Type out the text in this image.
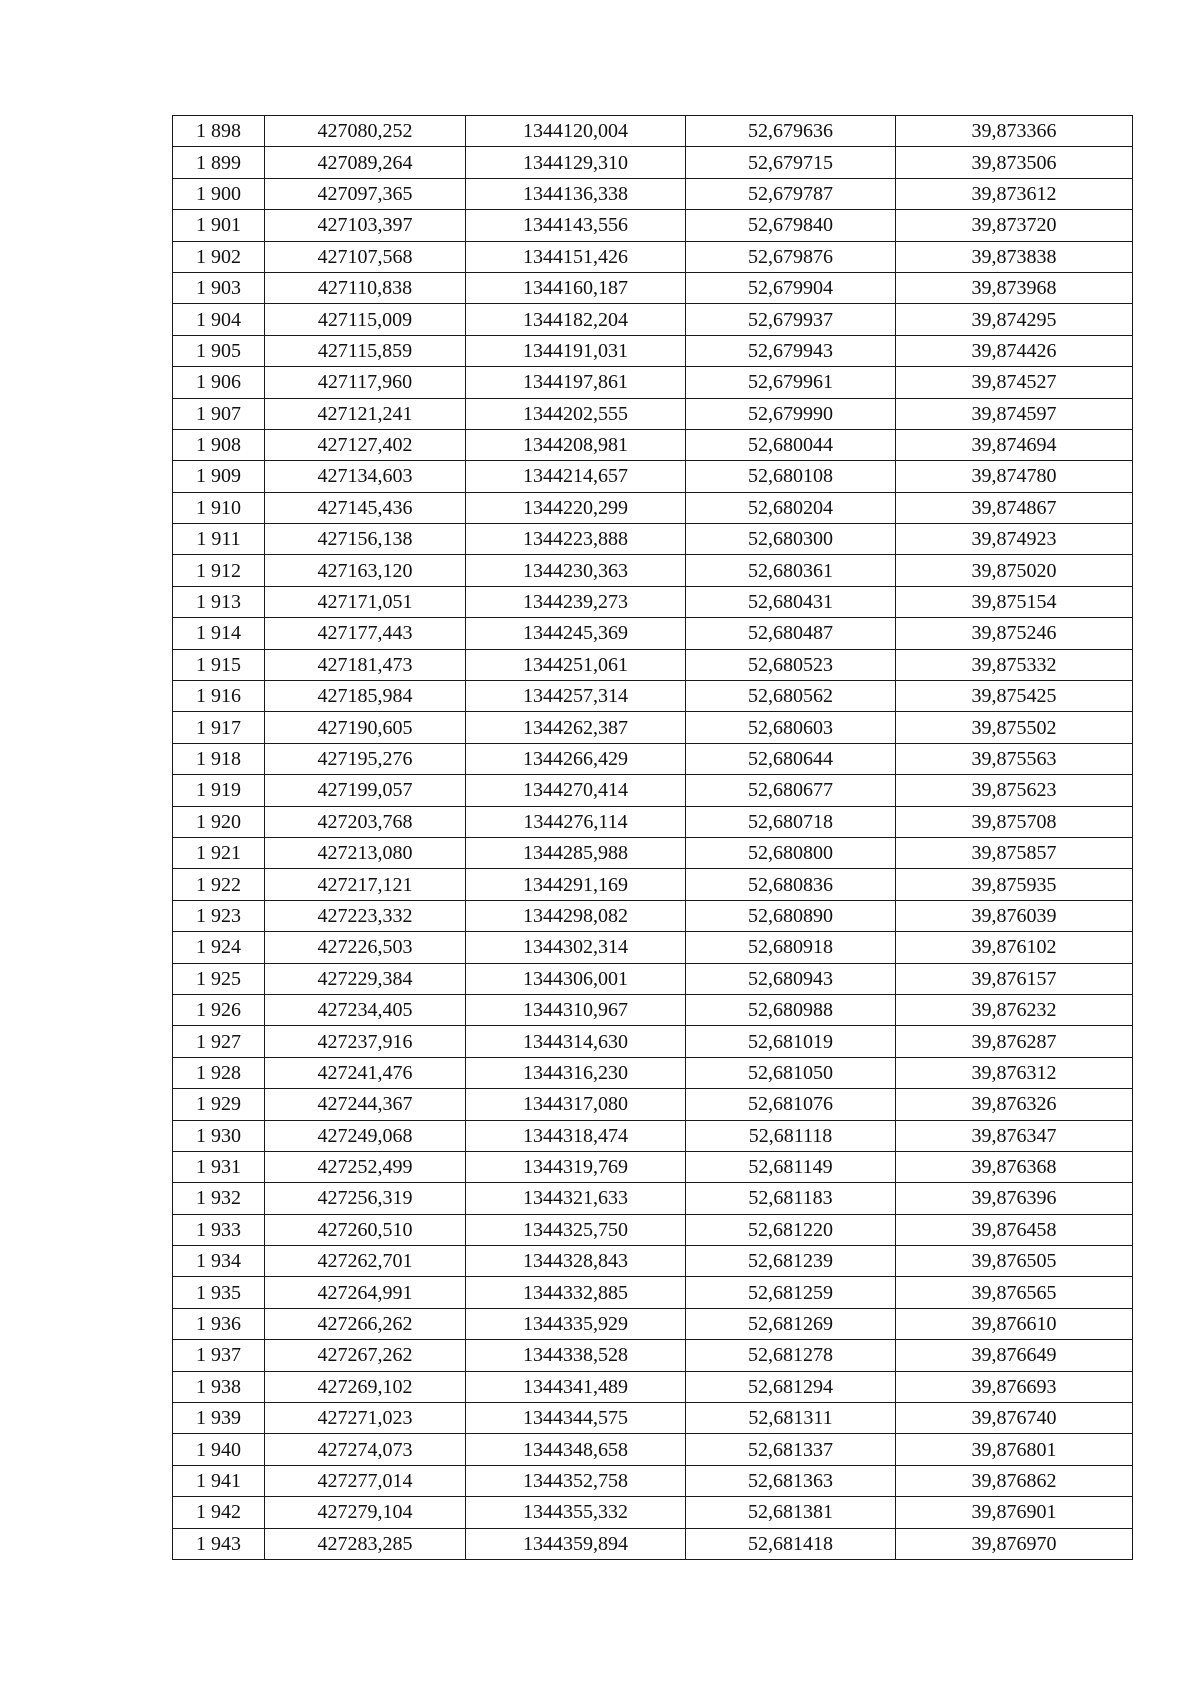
1 898	427080,252	1344120,004	52,679636	39,873366
1 899	427089,264	1344129,310	52,679715	39,873506
1 900	427097,365	1344136,338	52,679787	39,873612
1 901	427103,397	1344143,556	52,679840	39,873720
1 902	427107,568	1344151,426	52,679876	39,873838
1 903	427110,838	1344160,187	52,679904	39,873968
1 904	427115,009	1344182,204	52,679937	39,874295
1 905	427115,859	1344191,031	52,679943	39,874426
1 906	427117,960	1344197,861	52,679961	39,874527
1 907	427121,241	1344202,555	52,679990	39,874597
1 908	427127,402	1344208,981	52,680044	39,874694
1 909	427134,603	1344214,657	52,680108	39,874780
1 910	427145,436	1344220,299	52,680204	39,874867
1 911	427156,138	1344223,888	52,680300	39,874923
1 912	427163,120	1344230,363	52,680361	39,875020
1 913	427171,051	1344239,273	52,680431	39,875154
1 914	427177,443	1344245,369	52,680487	39,875246
1 915	427181,473	1344251,061	52,680523	39,875332
1 916	427185,984	1344257,314	52,680562	39,875425
1 917	427190,605	1344262,387	52,680603	39,875502
1 918	427195,276	1344266,429	52,680644	39,875563
1 919	427199,057	1344270,414	52,680677	39,875623
1 920	427203,768	1344276,114	52,680718	39,875708
1 921	427213,080	1344285,988	52,680800	39,875857
1 922	427217,121	1344291,169	52,680836	39,875935
1 923	427223,332	1344298,082	52,680890	39,876039
1 924	427226,503	1344302,314	52,680918	39,876102
1 925	427229,384	1344306,001	52,680943	39,876157
1 926	427234,405	1344310,967	52,680988	39,876232
1 927	427237,916	1344314,630	52,681019	39,876287
1 928	427241,476	1344316,230	52,681050	39,876312
1 929	427244,367	1344317,080	52,681076	39,876326
1 930	427249,068	1344318,474	52,681118	39,876347
1 931	427252,499	1344319,769	52,681149	39,876368
1 932	427256,319	1344321,633	52,681183	39,876396
1 933	427260,510	1344325,750	52,681220	39,876458
1 934	427262,701	1344328,843	52,681239	39,876505
1 935	427264,991	1344332,885	52,681259	39,876565
1 936	427266,262	1344335,929	52,681269	39,876610
1 937	427267,262	1344338,528	52,681278	39,876649
1 938	427269,102	1344341,489	52,681294	39,876693
1 939	427271,023	1344344,575	52,681311	39,876740
1 940	427274,073	1344348,658	52,681337	39,876801
1 941	427277,014	1344352,758	52,681363	39,876862
1 942	427279,104	1344355,332	52,681381	39,876901
1 943	427283,285	1344359,894	52,681418	39,876970
